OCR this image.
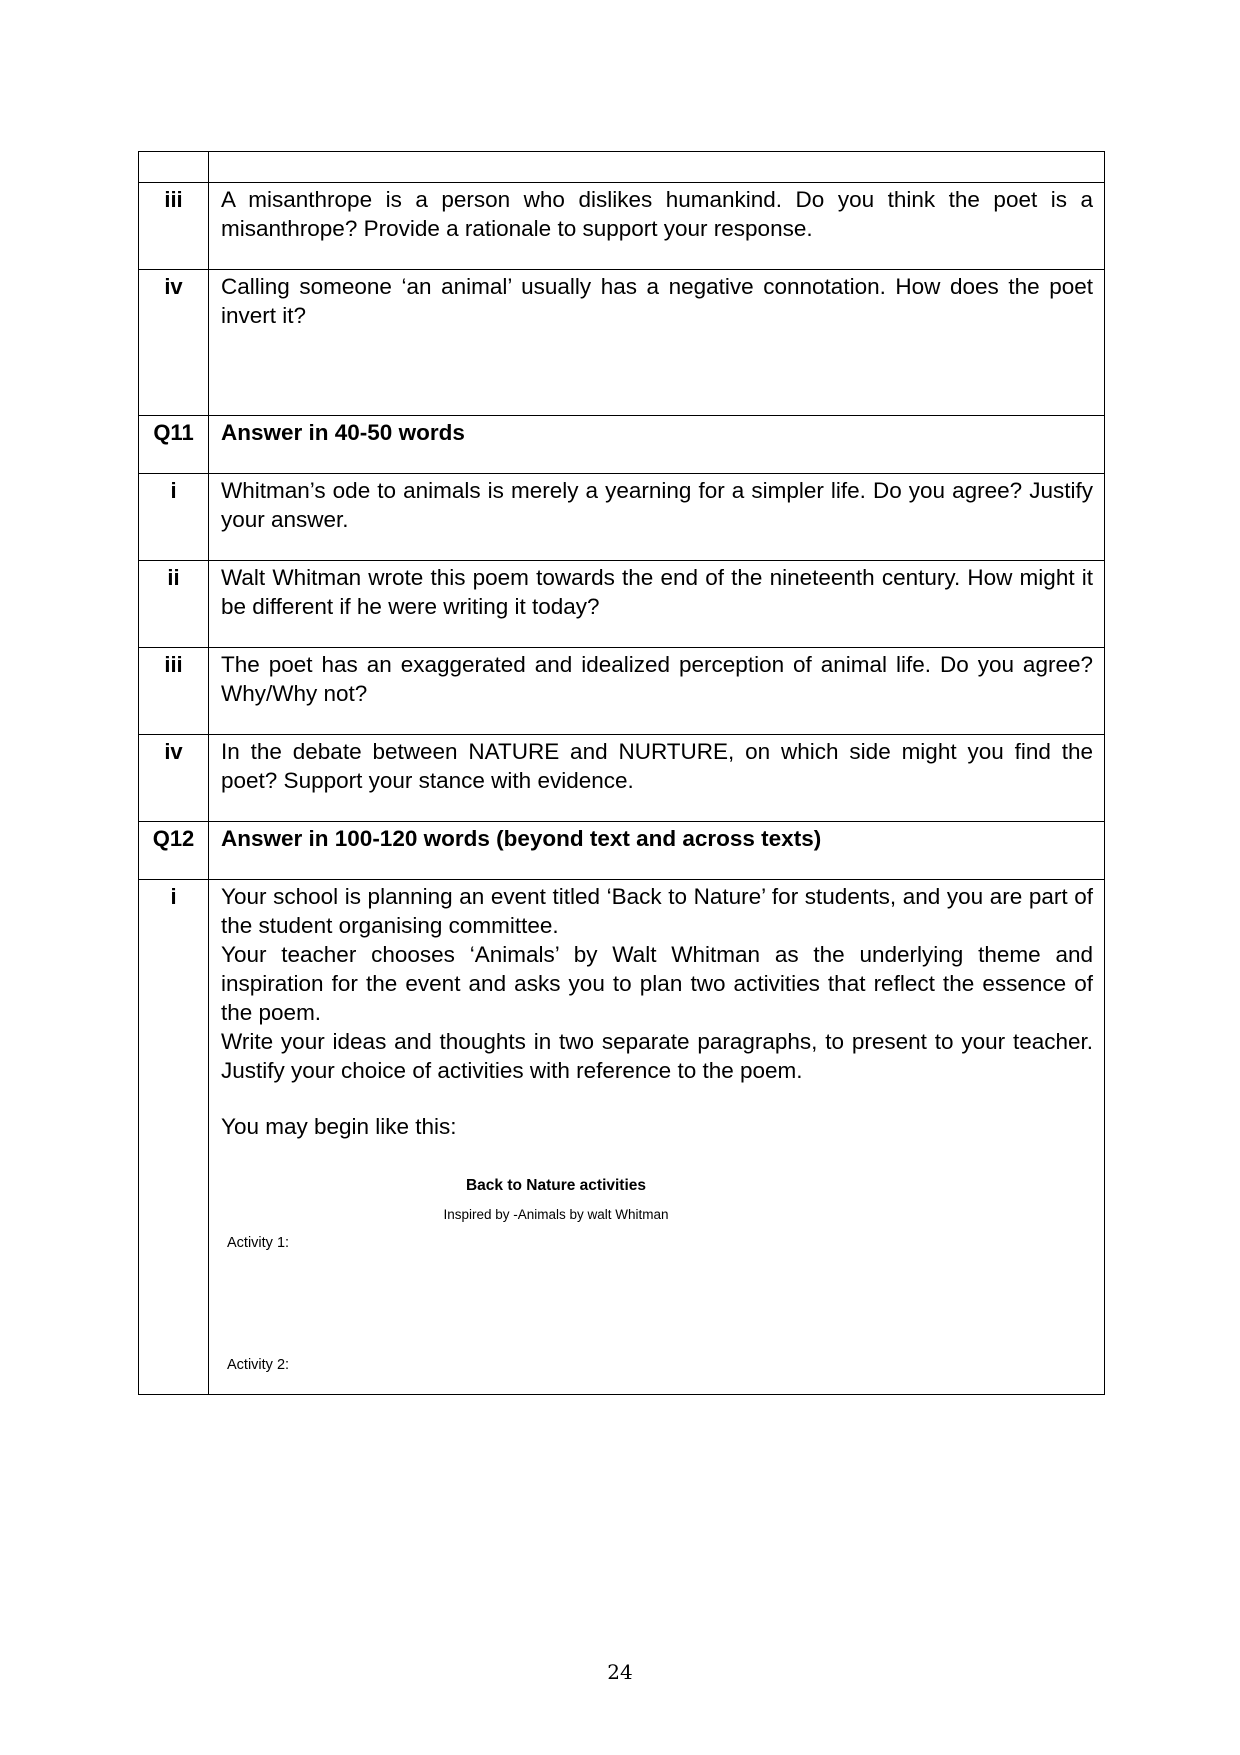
iii	A misanthrope is a person who dislikes humankind. Do you think the poet is a misanthrope? Provide a rationale to support your response.
iv	Calling someone ‘an animal’ usually has a negative connotation. How does the poet invert it?
Q11	Answer in 40-50 words
i	Whitman’s ode to animals is merely a yearning for a simpler life. Do you agree? Justify your answer.
ii	Walt Whitman wrote this poem towards the end of the nineteenth century. How might it be different if he were writing it today?
iii	The poet has an exaggerated and idealized perception of animal life. Do you agree? Why/Why not?
iv	In the debate between NATURE and NURTURE, on which side might you find the poet? Support your stance with evidence.
Q12	Answer in 100-120 words (beyond text and across texts)
i	Your school is planning an event titled ‘Back to Nature’ for students, and you are part of the student organising committee.

Your teacher chooses ‘Animals’ by Walt Whitman as the underlying theme and inspiration for the event and asks you to plan two activities that reflect the essence of the poem.

Write your ideas and thoughts in two separate paragraphs, to present to your teacher. Justify your choice of activities with reference to the poem.

You may begin like this:

Back to Nature activities
Inspired by -Animals by walt Whitman
Activity 1:
Activity 2:
24
